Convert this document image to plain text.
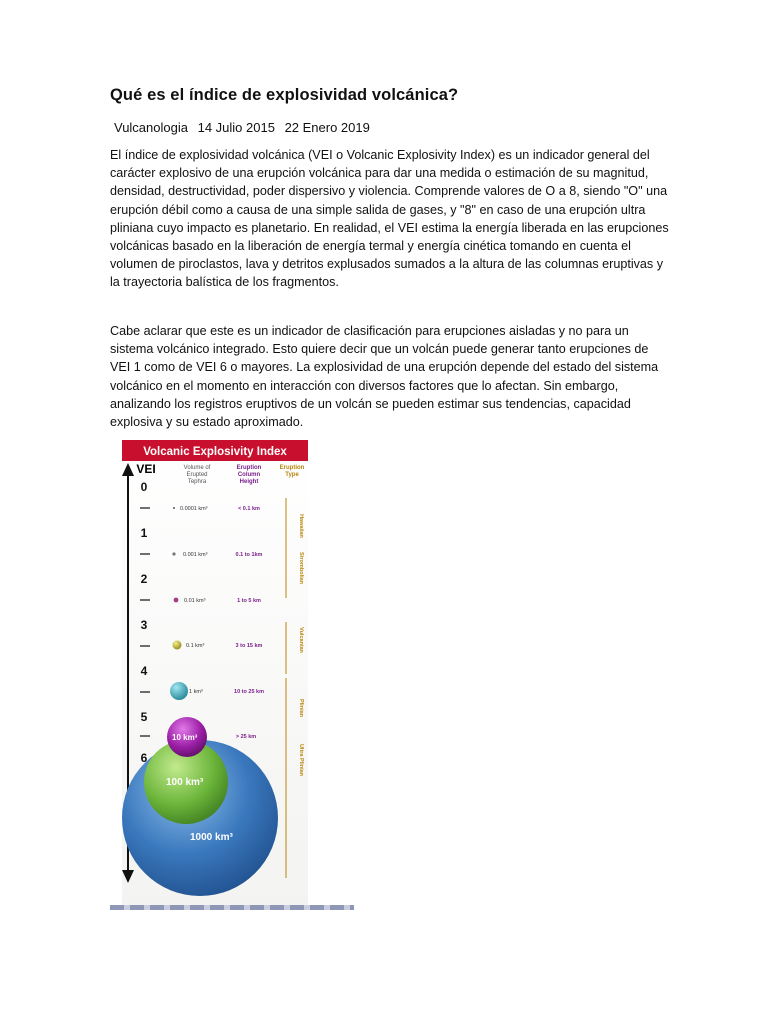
Qué es el índice de explosividad volcánica?
Vulcanologia 14 Julio 2015 22 Enero 2019

El índice de explosividad volcánica (VEI o Volcanic Explosivity Index) es un indicador general del carácter explosivo de una erupción volcánica para dar una medida o estimación de su magnitud, densidad, destructividad, poder dispersivo y violencia. Comprende valores de O a 8, siendo "O" una erupción débil como a causa de una simple salida de gases, y "8" en caso de una erupción ultra pliniana cuyo impacto es planetario. En realidad, el VEI estima la energía liberada en las erupciones volcánicas basado en la liberación de energía termal y energía cinética tomando en cuenta el volumen de piroclastos, lava y detritos explusados sumados a la altura de las columnas eruptivas y la trayectoria balística de los fragmentos.

Cabe aclarar que este es un indicador de clasificación para erupciones aisladas y no para un sistema volcánico integrado. Esto quiere decir que un volcán puede generar tanto erupciones de VEI 1 como de VEI 6 o mayores. La explosividad de una erupción depende del estado del sistema volcánico en el momento en interacción con diversos factores que lo afectan. Sin embargo, analizando los registros eruptivos de un volcán se pueden estimar sus tendencias, capacidad explosiva y su estado aproximado.

Volcanic Explosivity Index
VEI	Volume of
Erupted
Tephra
Eruption
Column
Height
Eruption
Type
0
1
2
3
4
5
6
Hawaiian
Strombolian
Vulcanian
Plinian
Ultra Plinian
0.0001 km³
0.001 km³
0.01 km³
0.1 km³
1 km³
< 0.1 km
0.1 to 1km
1 to 5 km
3 to 15 km
10 to 25 km
> 25 km
10 km³
100 km³
1000 km³
